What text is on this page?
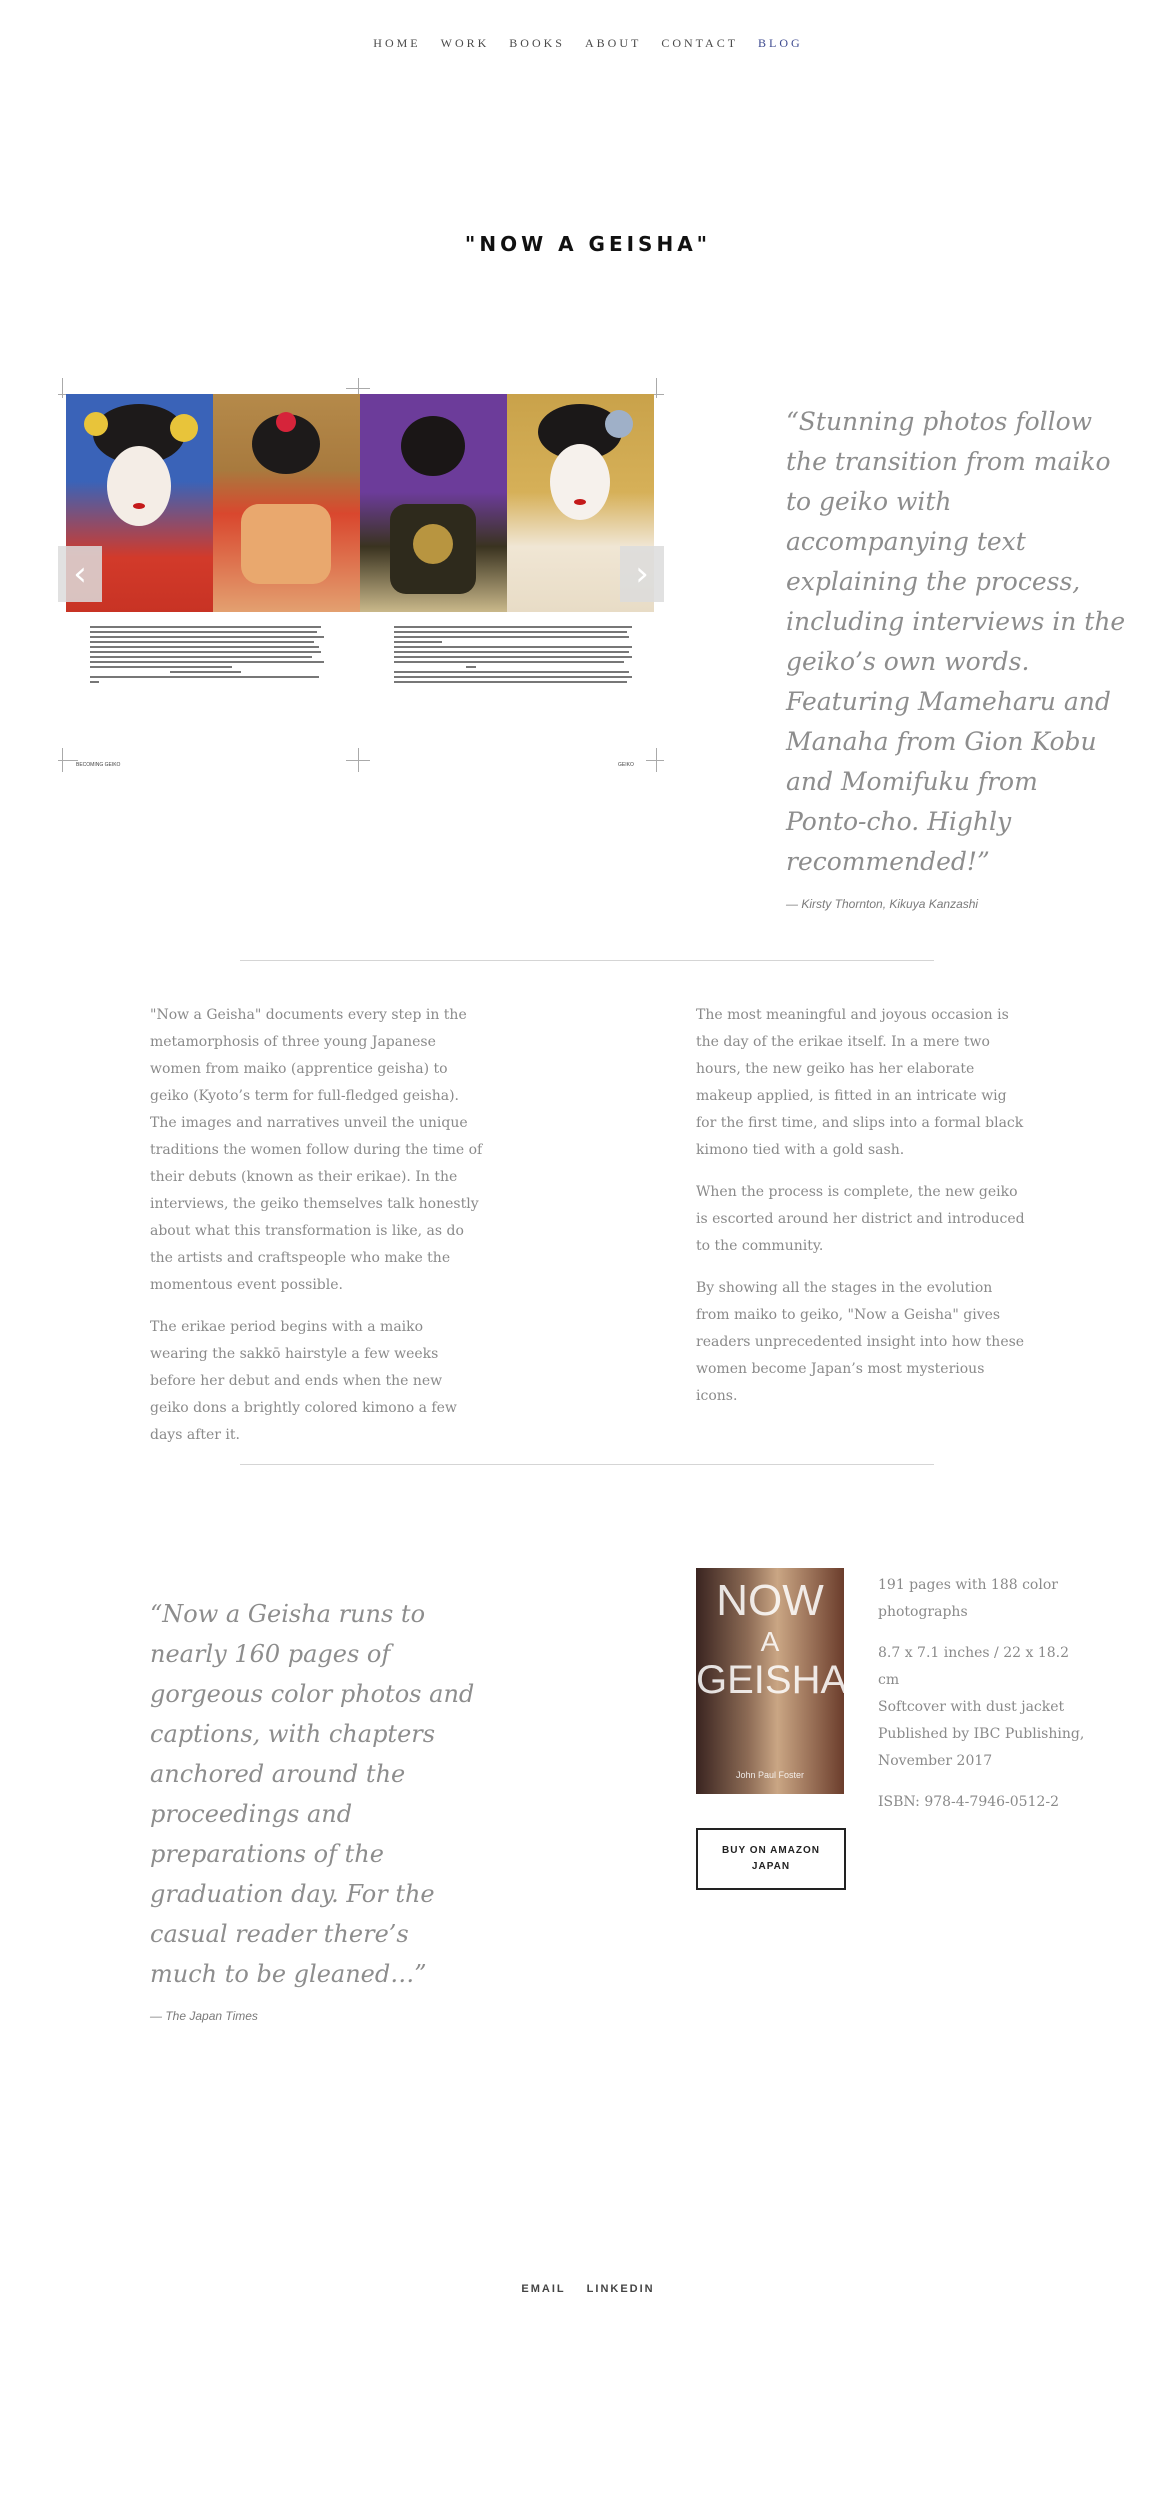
HOME WORK BOOKS ABOUT CONTACT BLOG
"NOW A GEISHA"
‹	›
BECOMING GEIKO	GEIKO
“Stunning photos follow the transition from maiko to geiko with accompanying text explaining the process, including interviews in the geiko’s own words. Featuring Mameharu and Manaha from Gion Kobu and Momifuku from Ponto-cho. Highly recommended!”
— Kirsty Thornton, Kikuya Kanzashi

"Now a Geisha" documents every step in the metamorphosis of three young Japanese women from maiko (apprentice geisha) to geiko (Kyoto’s term for full-fledged geisha). The images and narratives unveil the unique traditions the women follow during the time of their debuts (known as their erikae). In the interviews, the geiko themselves talk honestly about what this transformation is like, as do the artists and craftspeople who make the momentous event possible.

The erikae period begins with a maiko wearing the sakkō hairstyle a few weeks before her debut and ends when the new geiko dons a brightly colored kimono a few days after it.

The most meaningful and joyous occasion is the day of the erikae itself. In a mere two hours, the new geiko has her elaborate makeup applied, is fitted in an intricate wig for the first time, and slips into a formal black kimono tied with a gold sash.

When the process is complete, the new geiko is escorted around her district and introduced to the community.

By showing all the stages in the evolution from maiko to geiko, "Now a Geisha" gives readers unprecedented insight into how these women become Japan’s most mysterious icons.

“Now a Geisha runs to nearly 160 pages of gorgeous color photos and captions, with chapters anchored around the proceedings and preparations of the graduation day. For the casual reader there’s much to be gleaned…”
— The Japan Times
NOW
A
GEISHA
John Paul Foster

191 pages with 188 color photographs

8.7 x 7.1 inches / 22 x 18.2 cm

Softcover with dust jacket

Published by IBC Publishing, November 2017

ISBN: 978-4-7946-0512-2

BUY ON AMAZON JAPAN
EMAIL LINKEDIN
